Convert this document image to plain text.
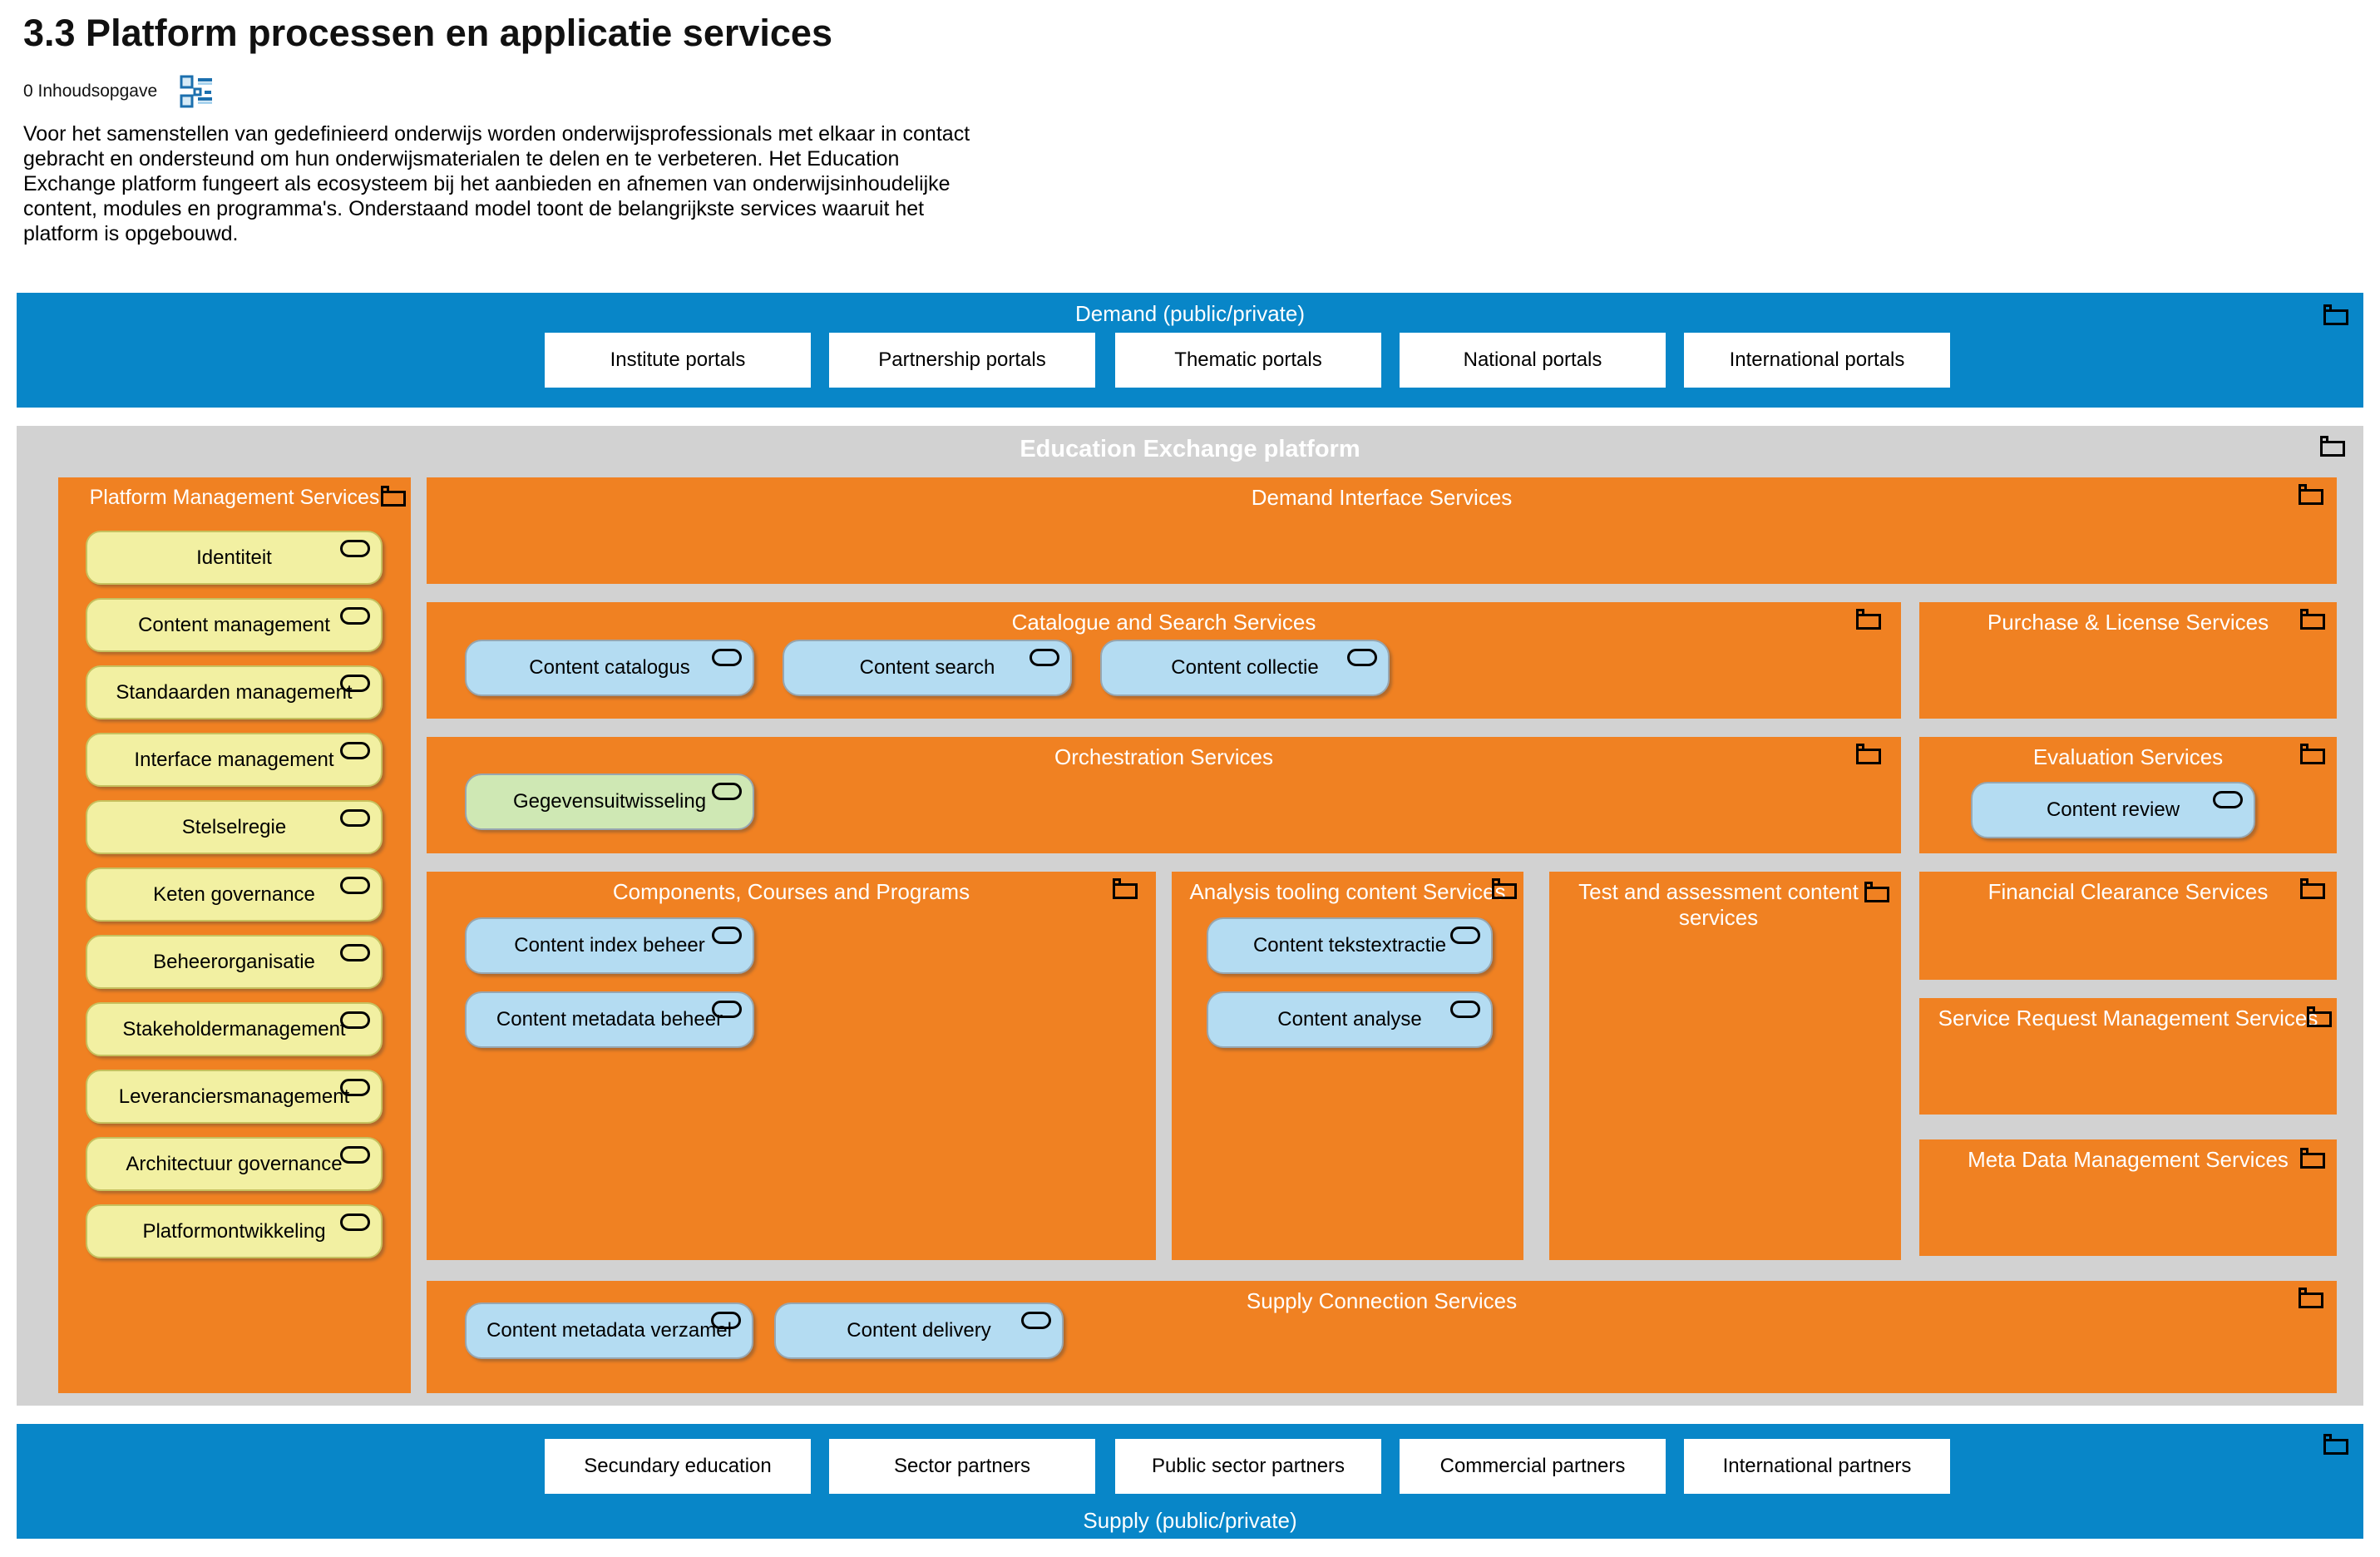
3.3 Platform processen en applicatie services
0 Inhoudsopgave

Voor het samenstellen van gedefinieerd onderwijs worden onderwijsprofessionals met elkaar in contact gebracht en ondersteund om hun onderwijsmaterialen te delen en te verbeteren. Het Education Exchange platform fungeert als ecosysteem bij het aanbieden en afnemen van onderwijsinhoudelijke content, modules en programma's. Onderstaand model toont de belangrijkste services waaruit het platform is opgebouwd.

Demand (public/private)
Institute portals	Partnership portals	Thematic portals	National portals	International portals
Education Exchange platform
Platform Management Services
Identiteit
Content management
Standaarden management
Interface management
Stelselregie
Keten governance
Beheerorganisatie
Stakeholdermanagement
Leveranciersmanagement
Architectuur governance
Platformontwikkeling
Demand Interface Services
Catalogue and Search Services
Content catalogus	Content search	Content collectie
Purchase & License Services
Orchestration Services
Gegevensuitwisseling
Evaluation Services
Content review
Components, Courses and Programs
Content index beheer
Content metadata beheer
Analysis tooling content Services
Content tekstextractie
Content analyse
Test and assessment content services
Financial Clearance Services
Service Request Management Services
Meta Data Management Services
Supply Connection Services
Content metadata verzamel	Content delivery
Secundary education	Sector partners	Public sector partners	Commercial partners	International partners
Supply (public/private)
